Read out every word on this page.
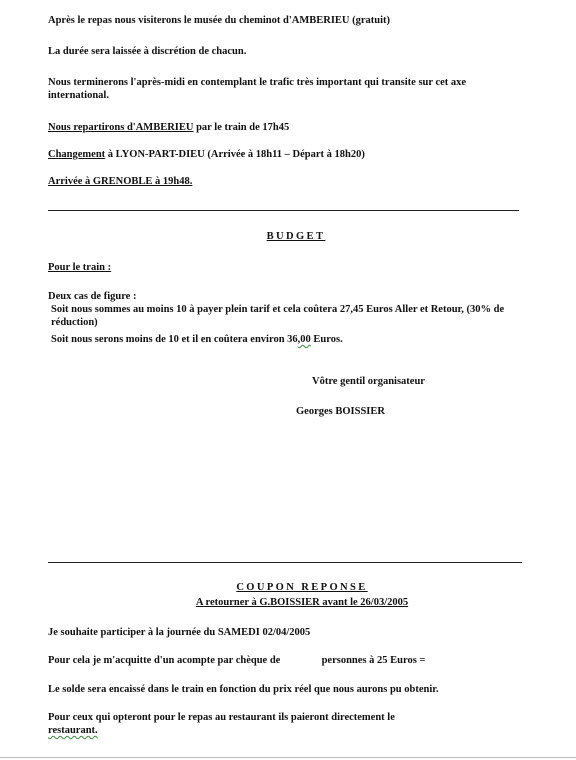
Après le repas nous visiterons le musée du cheminot d'AMBERIEU (gratuit)
La durée sera laissée à discrétion de chacun.
Nous terminerons l'après-midi en contemplant le trafic très important qui transite sur cet axe international.
Nous repartirons d'AMBERIEU par le train de 17h45
Changement à LYON-PART-DIEU (Arrivée à 18h11 – Départ à 18h20)
Arrivée à GRENOBLE à 19h48.
BUDGET
Pour le train :
Deux cas de figure :
Soit nous sommes au moins 10 à payer plein tarif et cela coûtera 27,45 Euros Aller et Retour, (30% de réduction)
Soit nous serons moins de 10 et il en coûtera environ 36,00 Euros.
Vôtre gentil organisateur
Georges BOISSIER
COUPON REPONSE
A retourner à G.BOISSIER avant le 26/03/2005
Je souhaite participer à la journée du SAMEDI 02/04/2005
Pour cela je m'acquitte d'un acompte par chèque de	personnes à 25 Euros =
Le solde sera encaissé dans le train en fonction du prix réel que nous aurons pu obtenir.
Pour ceux qui opteront pour le repas au restaurant ils paieront directement le
restaurant.
